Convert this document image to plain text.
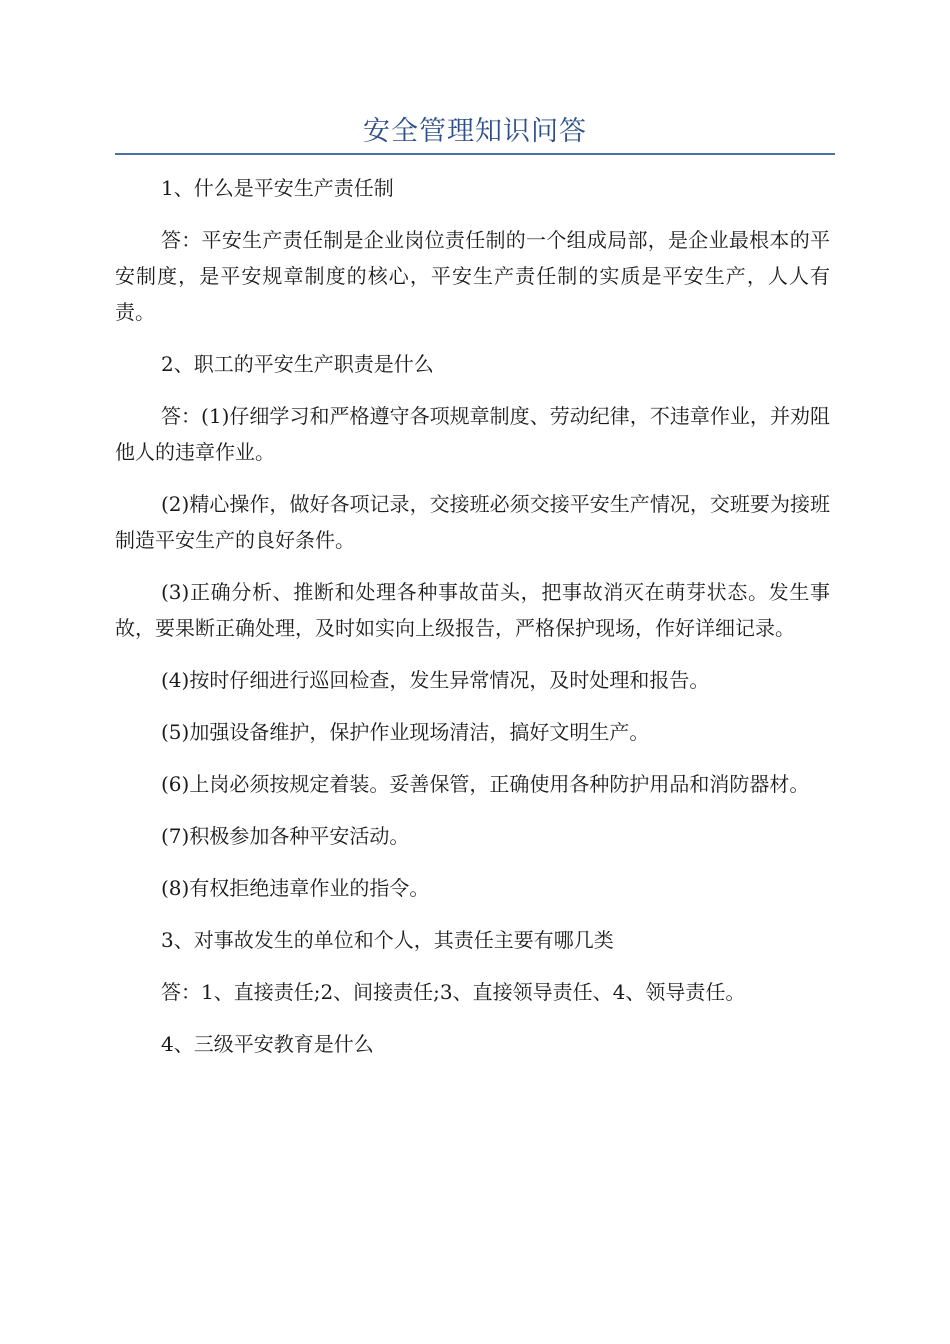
安全管理知识问答

1、什么是平安生产责任制

答：平安生产责任制是企业岗位责任制的一个组成局部，是企业最根本的平安制度，是平安规章制度的核心，平安生产责任制的实质是平安生产，人人有责。

2、职工的平安生产职责是什么

答：(1)仔细学习和严格遵守各项规章制度、劳动纪律，不违章作业，并劝阻他人的违章作业。

(2)精心操作，做好各项记录，交接班必须交接平安生产情况，交班要为接班制造平安生产的良好条件。

(3)正确分析、推断和处理各种事故苗头，把事故消灭在萌芽状态。发生事故，要果断正确处理，及时如实向上级报告，严格保护现场，作好详细记录。

(4)按时仔细进行巡回检查，发生异常情况，及时处理和报告。

(5)加强设备维护，保护作业现场清洁，搞好文明生产。

(6)上岗必须按规定着装。妥善保管，正确使用各种防护用品和消防器材。

(7)积极参加各种平安活动。

(8)有权拒绝违章作业的指令。

3、对事故发生的单位和个人，其责任主要有哪几类

答：1、直接责任;2、间接责任;3、直接领导责任、4、领导责任。

4、三级平安教育是什么
